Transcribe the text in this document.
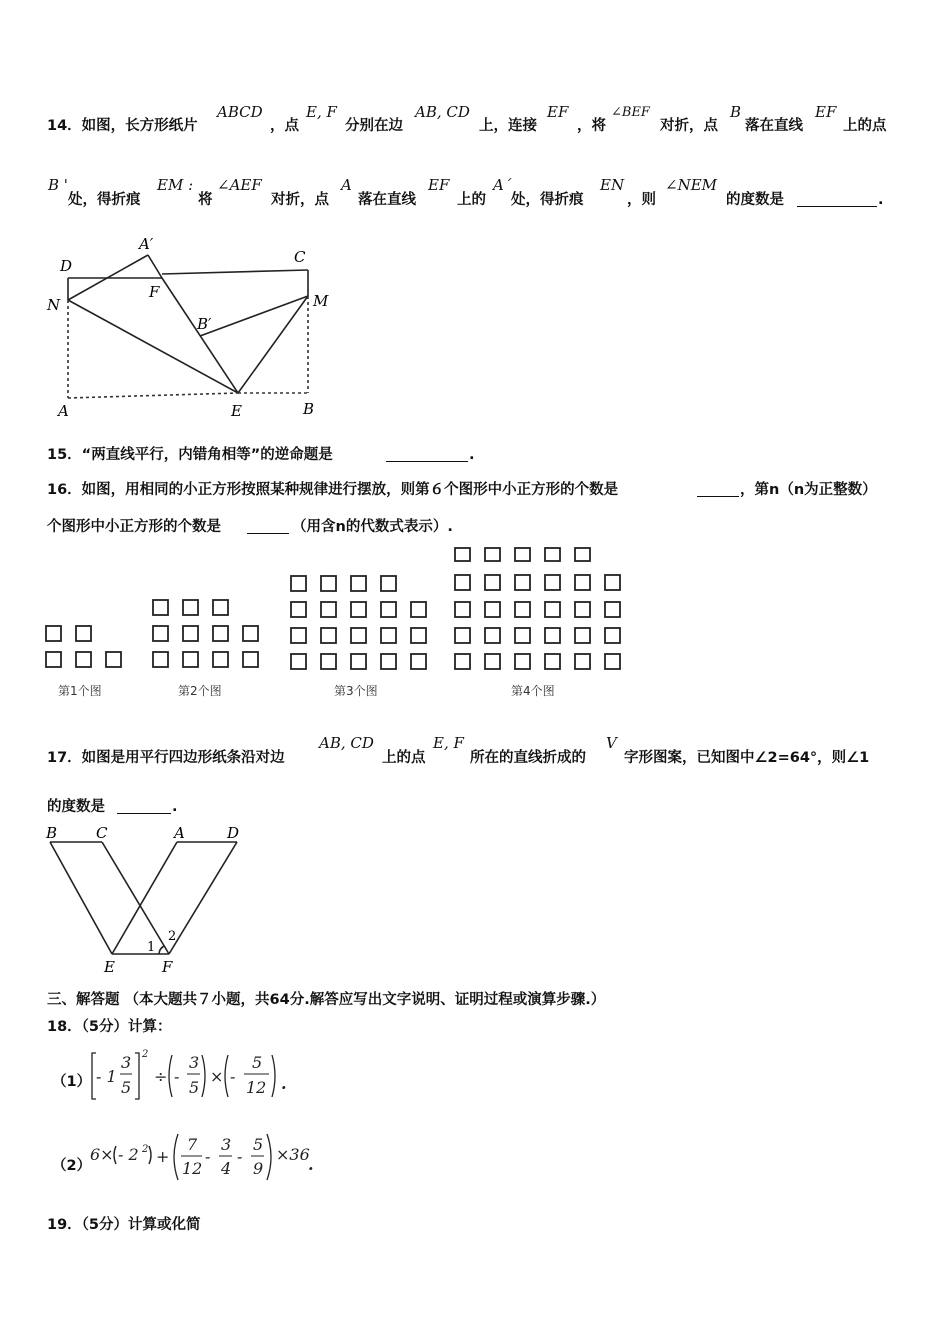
14．如图，长方形纸片
ABCD
，点
E, F
分别在边
AB, CD
上，连接
EF
，将
∠BEF
对折，点
B
落在直线
EF
上的点
B '
处，得折痕
EM :
将
∠AEF
对折，点
A
落在直线
EF
上的
A´
处，得折痕
EN
，则
∠NEM
的度数是	.
D
A′
C
N
F	M
B′
A	E	B
15．“两直线平行，内错角相等”的逆命题是	.
16．如图，用相同的小正方形按照某种规律进行摆放，则第６个图形中小正方形的个数是	，第n（n为正整数）
个图形中小正方形的个数是	（用含n的代数式表示）.
第1个图	第2个图	第3个图	第4个图
17．如图是用平行四边形纸条沿对边
AB, CD
上的点
E, F
所在的直线折成的
V
字形图案，已知图中∠2=64°，则∠1
的度数是	.
B	C	A	D
E	F
1
2
三、解答题 （本大题共７小题，共64分.解答应写出文字说明、证明过程或演算步骤.）
18．（5分）计算：
（1） - 1
3
5
2
÷ -
3
5
× -
5
12 .
（2）
6× - 2 2 +
7
12
-
3
4
-
5
9
×36
.
19．（5分）计算或化简
